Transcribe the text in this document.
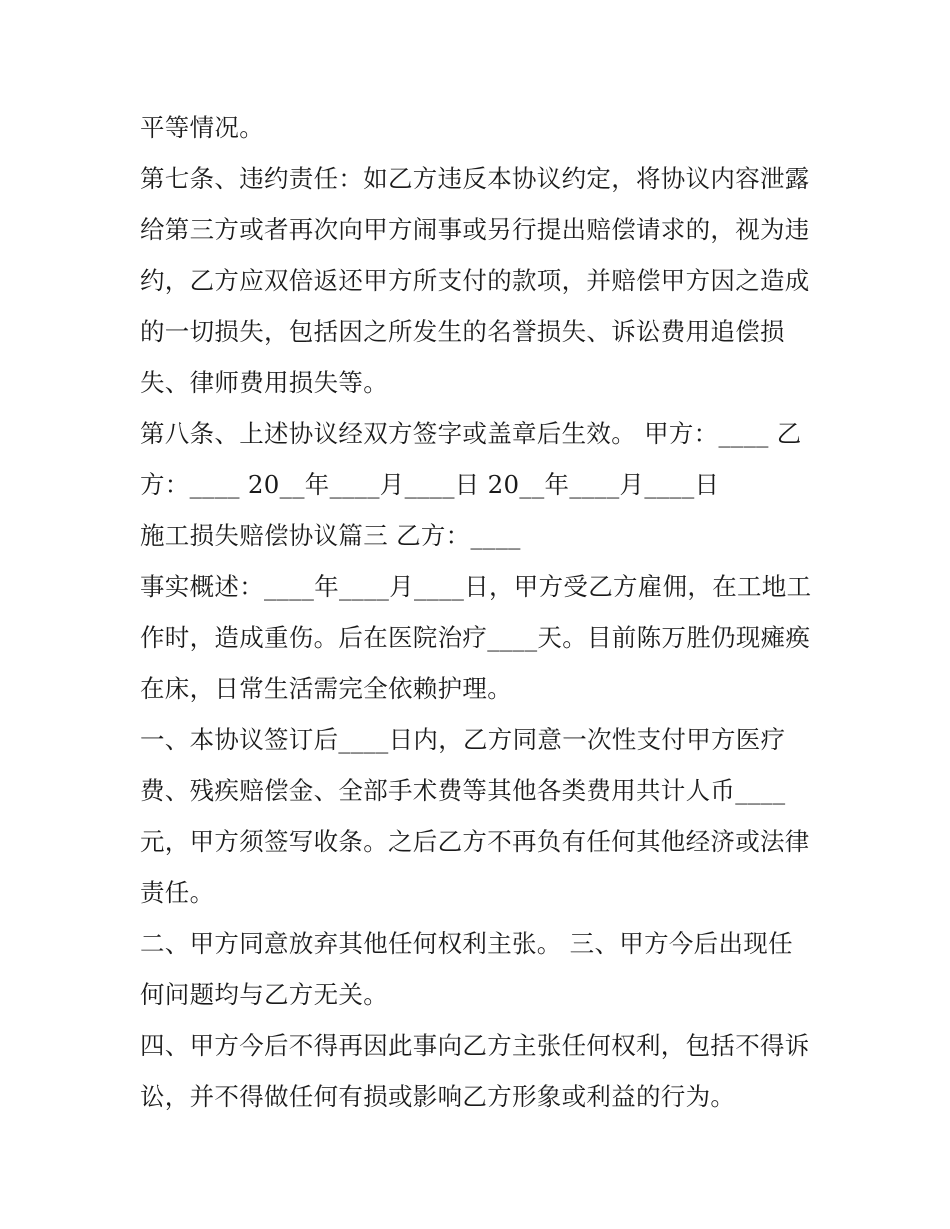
平等情况。
第七条、违约责任：如乙方违反本协议约定，将协议内容泄露
给第三方或者再次向甲方闹事或另行提出赔偿请求的，视为违
约，乙方应双倍返还甲方所支付的款项，并赔偿甲方因之造成
的一切损失，包括因之所发生的名誉损失、诉讼费用追偿损
失、律师费用损失等。
第八条、上述协议经双方签字或盖章后生效。 甲方：____ 乙
方：____ 20__年____月____日 20__年____月____日
施工损失赔偿协议篇三 乙方：____
事实概述：____年____月____日，甲方受乙方雇佣，在工地工
作时，造成重伤。后在医院治疗____天。目前陈万胜仍现瘫痪
在床，日常生活需完全依赖护理。
一、本协议签订后____日内，乙方同意一次性支付甲方医疗
费、残疾赔偿金、全部手术费等其他各类费用共计人币____
元，甲方须签写收条。之后乙方不再负有任何其他经济或法律
责任。
二、甲方同意放弃其他任何权利主张。 三、甲方今后出现任
何问题均与乙方无关。
四、甲方今后不得再因此事向乙方主张任何权利，包括不得诉
讼，并不得做任何有损或影响乙方形象或利益的行为。
